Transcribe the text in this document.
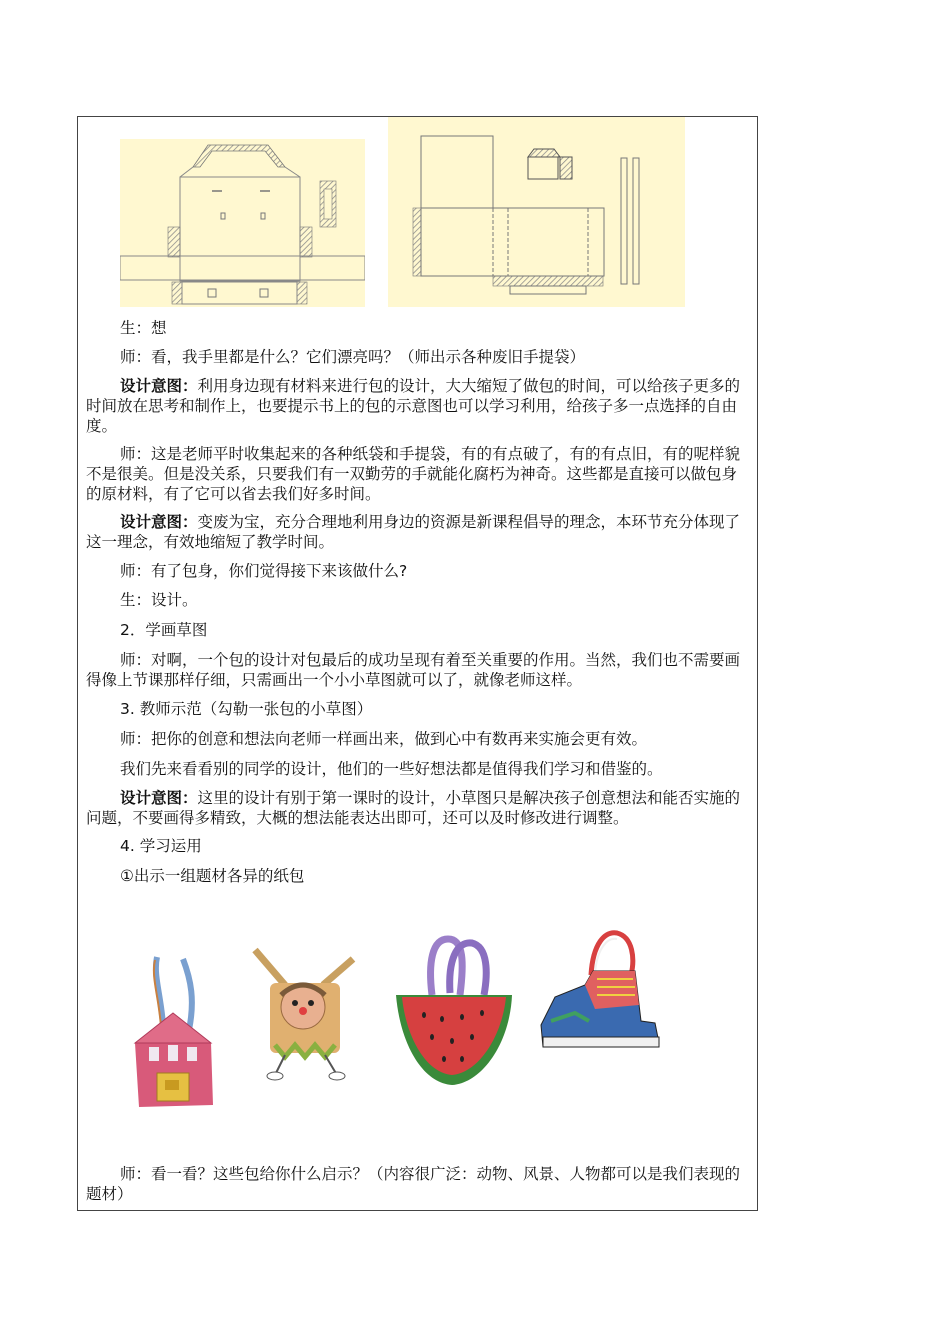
生：想

师：看，我手里都是什么？它们漂亮吗？（师出示各种废旧手提袋）

设计意图：利用身边现有材料来进行包的设计，大大缩短了做包的时间，可以给孩子更多的时间放在思考和制作上，也要提示书上的包的示意图也可以学习利用，给孩子多一点选择的自由度。

师：这是老师平时收集起来的各种纸袋和手提袋，有的有点破了，有的有点旧，有的呢样貌不是很美。但是没关系，只要我们有一双勤劳的手就能化腐朽为神奇。这些都是直接可以做包身的原材料，有了它可以省去我们好多时间。

设计意图：变废为宝，充分合理地利用身边的资源是新课程倡导的理念，本环节充分体现了这一理念，有效地缩短了教学时间。

师：有了包身，你们觉得接下来该做什么?

生：设计。

2．学画草图

师：对啊，一个包的设计对包最后的成功呈现有着至关重要的作用。当然，我们也不需要画得像上节课那样仔细，只需画出一个小小草图就可以了，就像老师这样。

3. 教师示范（勾勒一张包的小草图）

师：把你的创意和想法向老师一样画出来，做到心中有数再来实施会更有效。

我们先来看看别的同学的设计，他们的一些好想法都是值得我们学习和借鉴的。

设计意图：这里的设计有别于第一课时的设计，小草图只是解决孩子创意想法和能否实施的问题，不要画得多精致，大概的想法能表达出即可，还可以及时修改进行调整。

4. 学习运用

①出示一组题材各异的纸包

师：看一看？这些包给你什么启示？（内容很广泛：动物、风景、人物都可以是我们表现的题材）
